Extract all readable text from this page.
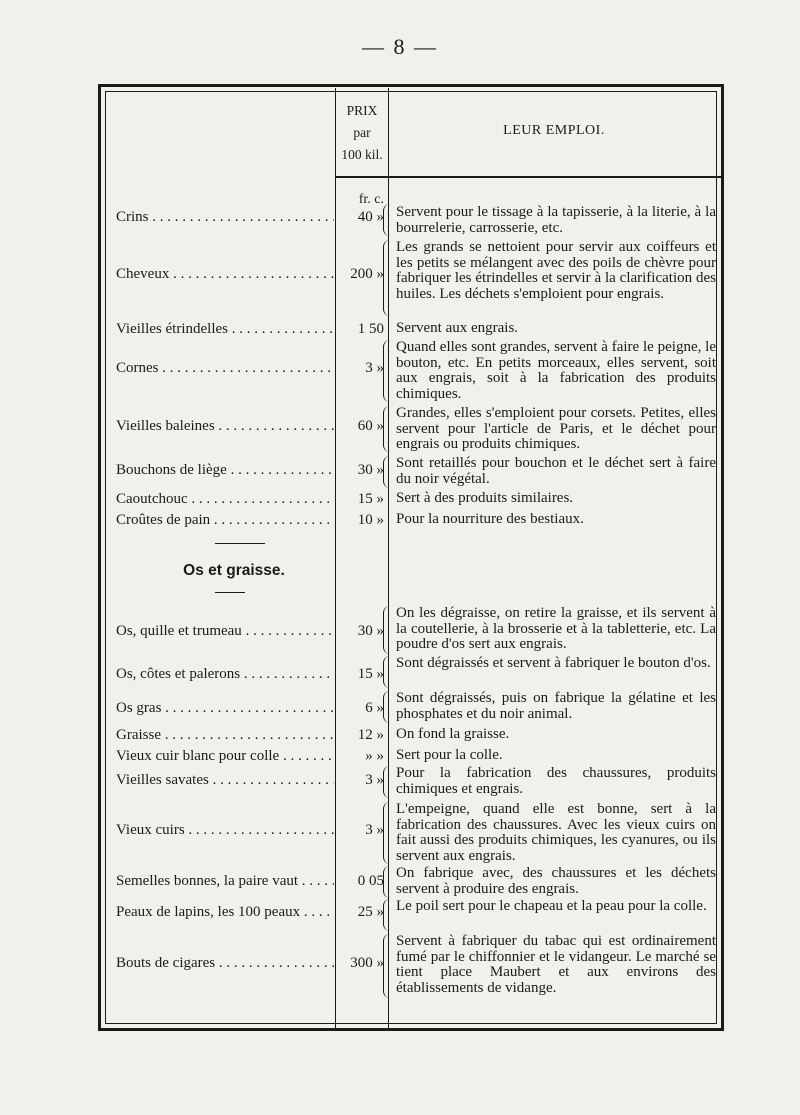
— 8 —
PRIX
par
100 kil.
LEUR EMPLOI.
fr. c.
Crins . . .	40 » Servent pour le tissage à la tapisserie, à la literie, à la bourrelerie, carrosserie, etc.
Cheveux . . .	200 »
Les grands se nettoient pour servir aux coiffeurs et les petits se mélangent avec des poils de chèvre pour fabriquer les étrindelles et servir à la clarification des huiles. Les déchets s'emploient pour engrais.
Vieilles étrindelles . . .	1 50 Servent aux engrais.
Cornes . . .	3 »
Quand elles sont grandes, servent à faire le peigne, le bouton, etc. En petits morceaux, elles servent, soit aux engrais, soit à la fabrication des produits chimiques.
Vieilles baleines . . .	60 »
Grandes, elles s'emploient pour corsets. Petites, elles servent pour l'article de Paris, et le déchet pour engrais ou produits chimiques.
Bouchons de liège . . .	30 » Sont retaillés pour bouchon et le déchet sert à faire du noir végétal.
Caoutchouc . . .	15 » Sert à des produits similaires.
Croûtes de pain . . .	10 » Pour la nourriture des bestiaux.
Os et graisse.
Os, quille et trumeau . . .	30 »
On les dégraisse, on retire la graisse, et ils servent à la coutellerie, à la brosserie et à la tabletterie, etc. La poudre d'os sert aux engrais.
Os, côtes et palerons . . .	15 »
Sont dégraissés et servent à fabriquer le bouton d'os.
Os gras . . .	6 »
Sont dégraissés, puis on fabrique la gélatine et les phosphates et du noir animal.
Graisse . . .	12 » On fond la graisse.
Vieux cuir blanc pour colle . . .	» » Sert pour la colle.
Vieilles savates . . .	3 » Pour la fabrication des chaussures, produits chimiques et engrais.
Vieux cuirs . . .	3 »
L'empeigne, quand elle est bonne, sert à la fabrication des chaussures. Avec les vieux cuirs on fait aussi des produits chimiques, les cyanures, ou ils servent aux engrais.
Semelles bonnes, la paire vaut . . .	0 05 On fabrique avec, des chaussures et les déchets servent à produire des engrais.
Peaux de lapins, les 100 peaux . . .	25 » Le poil sert pour le chapeau et la peau pour la colle.
Bouts de cigares . . .	300 »
Servent à fabriquer du tabac qui est ordinairement fumé par le chiffonnier et le vidangeur. Le marché se tient place Maubert et aux environs des établissements de vidange.
